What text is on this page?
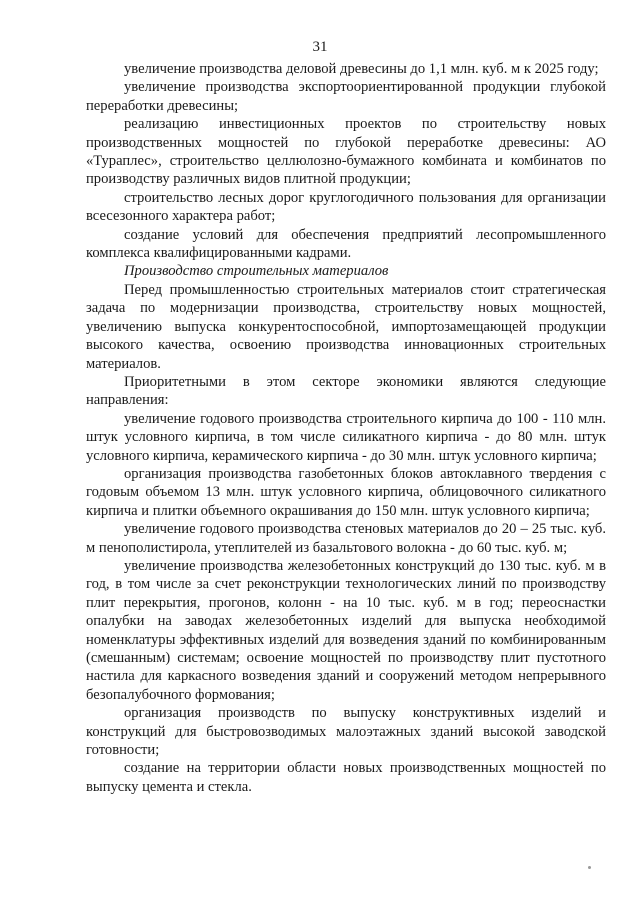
31

увеличение производства деловой древесины до 1,1 млн. куб. м к 2025 году;

увеличение производства экспортоориентированной продукции глубокой переработки древесины;

реализацию инвестиционных проектов по строительству новых производственных мощностей по глубокой переработке древесины: АО «Тураплес», строительство целлюлозно-бумажного комбината и комбинатов по производству различных видов плитной продукции;

строительство лесных дорог круглогодичного пользования для организации всесезонного характера работ;

создание условий для обеспечения предприятий лесопромышленного комплекса квалифицированными кадрами.

Производство строительных материалов

Перед промышленностью строительных материалов стоит стратегическая задача по модернизации производства, строительству новых мощностей, увеличению выпуска конкурентоспособной, импортозамещающей продукции высокого качества, освоению производства инновационных строительных материалов.

Приоритетными в этом секторе экономики являются следующие направления:

увеличение годового производства строительного кирпича до 100 - 110 млн. штук условного кирпича, в том числе силикатного кирпича - до 80 млн. штук условного кирпича, керамического кирпича - до 30 млн. штук условного кирпича;

организация производства газобетонных блоков автоклавного твердения с годовым объемом 13 млн. штук условного кирпича, облицовочного силикатного кирпича и плитки объемного окрашивания до 150 млн. штук условного кирпича;

увеличение годового производства стеновых материалов до 20 – 25 тыс. куб. м пенополистирола, утеплителей из базальтового волокна - до 60 тыс. куб. м;

увеличение производства железобетонных конструкций до 130 тыс. куб. м в год, в том числе за счет реконструкции технологических линий по производству плит перекрытия, прогонов, колонн - на 10 тыс. куб. м в год; переоснастки опалубки на заводах железобетонных изделий для выпуска необходимой номенклатуры эффективных изделий для возведения зданий по комбинированным (смешанным) системам; освоение мощностей по производству плит пустотного настила для каркасного возведения зданий и сооружений методом непрерывного безопалубочного формования;

организация производств по выпуску конструктивных изделий и конструкций для быстровозводимых малоэтажных зданий высокой заводской готовности;

создание на территории области новых производственных мощностей по выпуску цемента и стекла.
